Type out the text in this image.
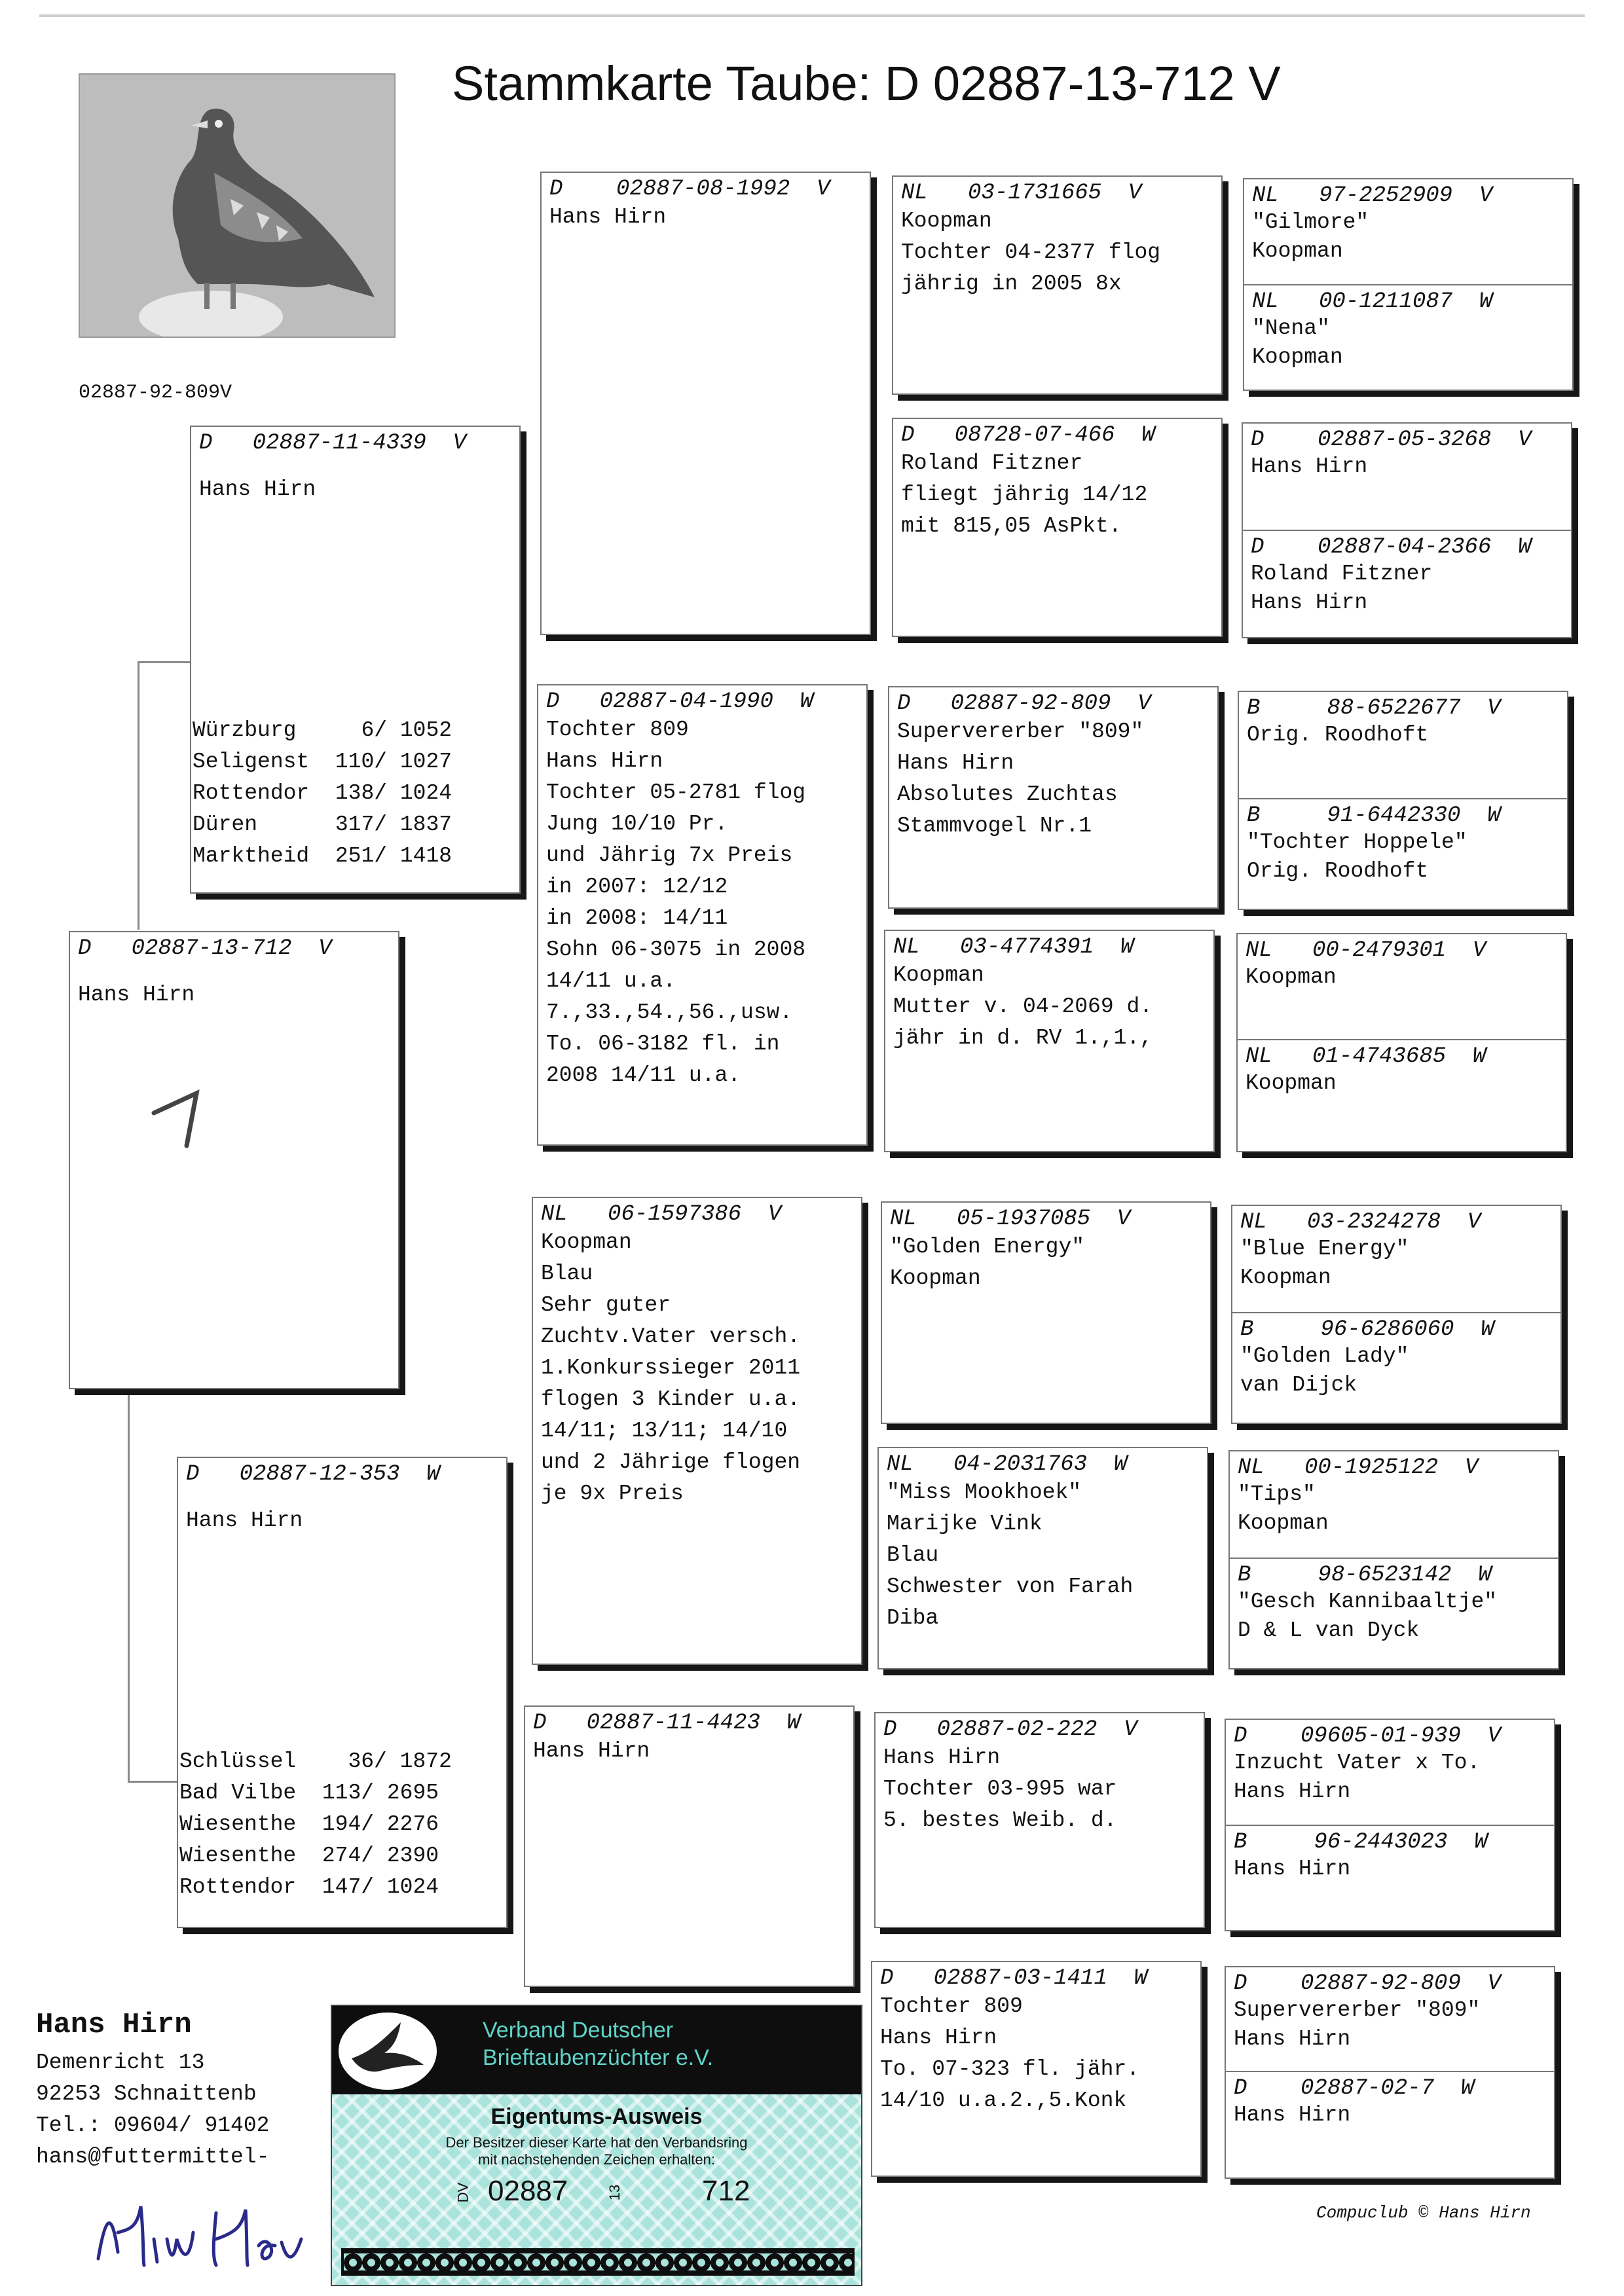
Stammkarte Taube: D 02887-13-712 V
02887-92-809V
D   02887-13-712  V
Hans Hirn
1
D   02887-11-4339  V
Hans Hirn
Würzburg     6/ 1052
Seligenst  110/ 1027
Rottendor  138/ 1024
Düren      317/ 1837
Marktheid  251/ 1418
D   02887-12-353  W
Hans Hirn
Schlüssel    36/ 1872
Bad Vilbe  113/ 2695
Wiesenthe  194/ 2276
Wiesenthe  274/ 2390
Rottendor  147/ 1024
D    02887-08-1992  V
Hans Hirn
D   02887-04-1990  W
Tochter 809
Hans Hirn
Tochter 05-2781 flog
Jung 10/10 Pr.
und Jährig 7x Preis
in 2007: 12/12
in 2008: 14/11
Sohn 06-3075 in 2008
14/11 u.a.
7.,33.,54.,56.,usw.
To. 06-3182 fl. in
2008 14/11 u.a.
NL   06-1597386  V
Koopman
Blau
Sehr guter
Zuchtv.Vater versch.
1.Konkurssieger 2011
flogen 3 Kinder u.a.
14/11; 13/11; 14/10
und 2 Jährige flogen
je 9x Preis
D   02887-11-4423  W
Hans Hirn
NL   03-1731665  V
Koopman
Tochter 04-2377 flog
jährig in 2005 8x
D   08728-07-466  W
Roland Fitzner
fliegt jährig 14/12
mit 815,05 AsPkt.
D   02887-92-809  V
Supervererber "809"
Hans Hirn
Absolutes Zuchtas
Stammvogel Nr.1
NL   03-4774391  W
Koopman
Mutter v. 04-2069 d.
jähr in d. RV 1.,1.,
NL   05-1937085  V
"Golden Energy"
Koopman
NL   04-2031763  W
"Miss Mookhoek"
Marijke Vink
Blau
Schwester von Farah
Diba
D   02887-02-222  V
Hans Hirn
Tochter 03-995 war
5. bestes Weib. d.
D   02887-03-1411  W
Tochter 809
Hans Hirn
To. 07-323 fl. jähr.
14/10 u.a.2.,5.Konk
NL   97-2252909  V
"Gilmore"
Koopman
NL   00-1211087  W
"Nena"
Koopman
D    02887-05-3268  V
Hans Hirn
D    02887-04-2366  W
Roland Fitzner
Hans Hirn
B     88-6522677  V
Orig. Roodhoft
B     91-6442330  W
"Tochter Hoppele"
Orig. Roodhoft
NL   00-2479301  V
Koopman
NL   01-4743685  W
Koopman
NL   03-2324278  V
"Blue Energy"
Koopman
B     96-6286060  W
"Golden Lady"
van Dijck
NL   00-1925122  V
"Tips"
Koopman
B     98-6523142  W
"Gesch Kannibaaltje"
D & L van Dyck
D    09605-01-939  V
Inzucht Vater x To.
Hans Hirn
B     96-2443023  W
Hans Hirn
D    02887-92-809  V
Supervererber "809"
Hans Hirn
D    02887-02-7  W
Hans Hirn
Hans Hirn
Demenricht 13
92253 Schnaittenb
Tel.: 09604/ 91402
hans@futtermittel-
Verband Deutscher
Brieftaubenzüchter e.V.
Eigentums-Ausweis
Der Besitzer dieser Karte hat den Verbandsring
mit nachstehenden Zeichen erhalten:
DV 02887	13	712
Compuclub © Hans Hirn
